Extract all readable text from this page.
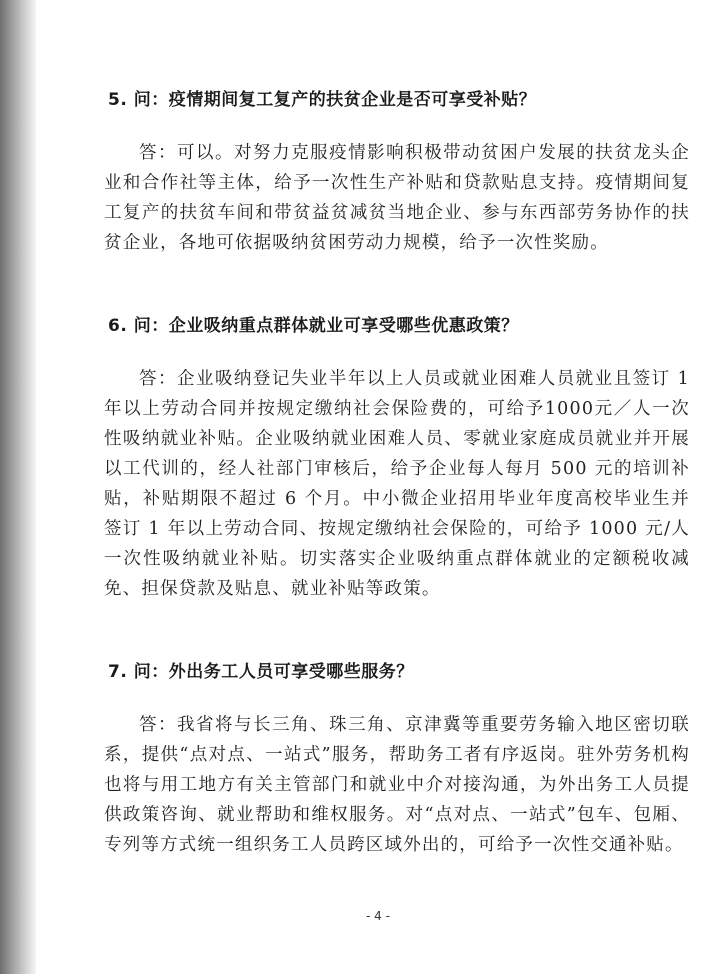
5. 问：疫情期间复工复产的扶贫企业是否可享受补贴？

答：可以。对努力克服疫情影响积极带动贫困户发展的扶贫龙头企业和合作社等主体，给予一次性生产补贴和贷款贴息支持。疫情期间复工复产的扶贫车间和带贫益贫减贫当地企业、参与东西部劳务协作的扶贫企业，各地可依据吸纳贫困劳动力规模，给予一次性奖励。

6. 问：企业吸纳重点群体就业可享受哪些优惠政策？

答：企业吸纳登记失业半年以上人员或就业困难人员就业且签订 1 年以上劳动合同并按规定缴纳社会保险费的，可给予1000元／人一次性吸纳就业补贴。企业吸纳就业困难人员、零就业家庭成员就业并开展以工代训的，经人社部门审核后，给予企业每人每月 500 元的培训补贴，补贴期限不超过 6 个月。中小微企业招用毕业年度高校毕业生并签订 1 年以上劳动合同、按规定缴纳社会保险的，可给予 1000 元/人一次性吸纳就业补贴。切实落实企业吸纳重点群体就业的定额税收减免、担保贷款及贴息、就业补贴等政策。

7. 问：外出务工人员可享受哪些服务？

答：我省将与长三角、珠三角、京津冀等重要劳务输入地区密切联系，提供“点对点、一站式”服务，帮助务工者有序返岗。驻外劳务机构也将与用工地方有关主管部门和就业中介对接沟通，为外出务工人员提供政策咨询、就业帮助和维权服务。对“点对点、一站式”包车、包厢、专列等方式统一组织务工人员跨区域外出的，可给予一次性交通补贴。

- 4 -
